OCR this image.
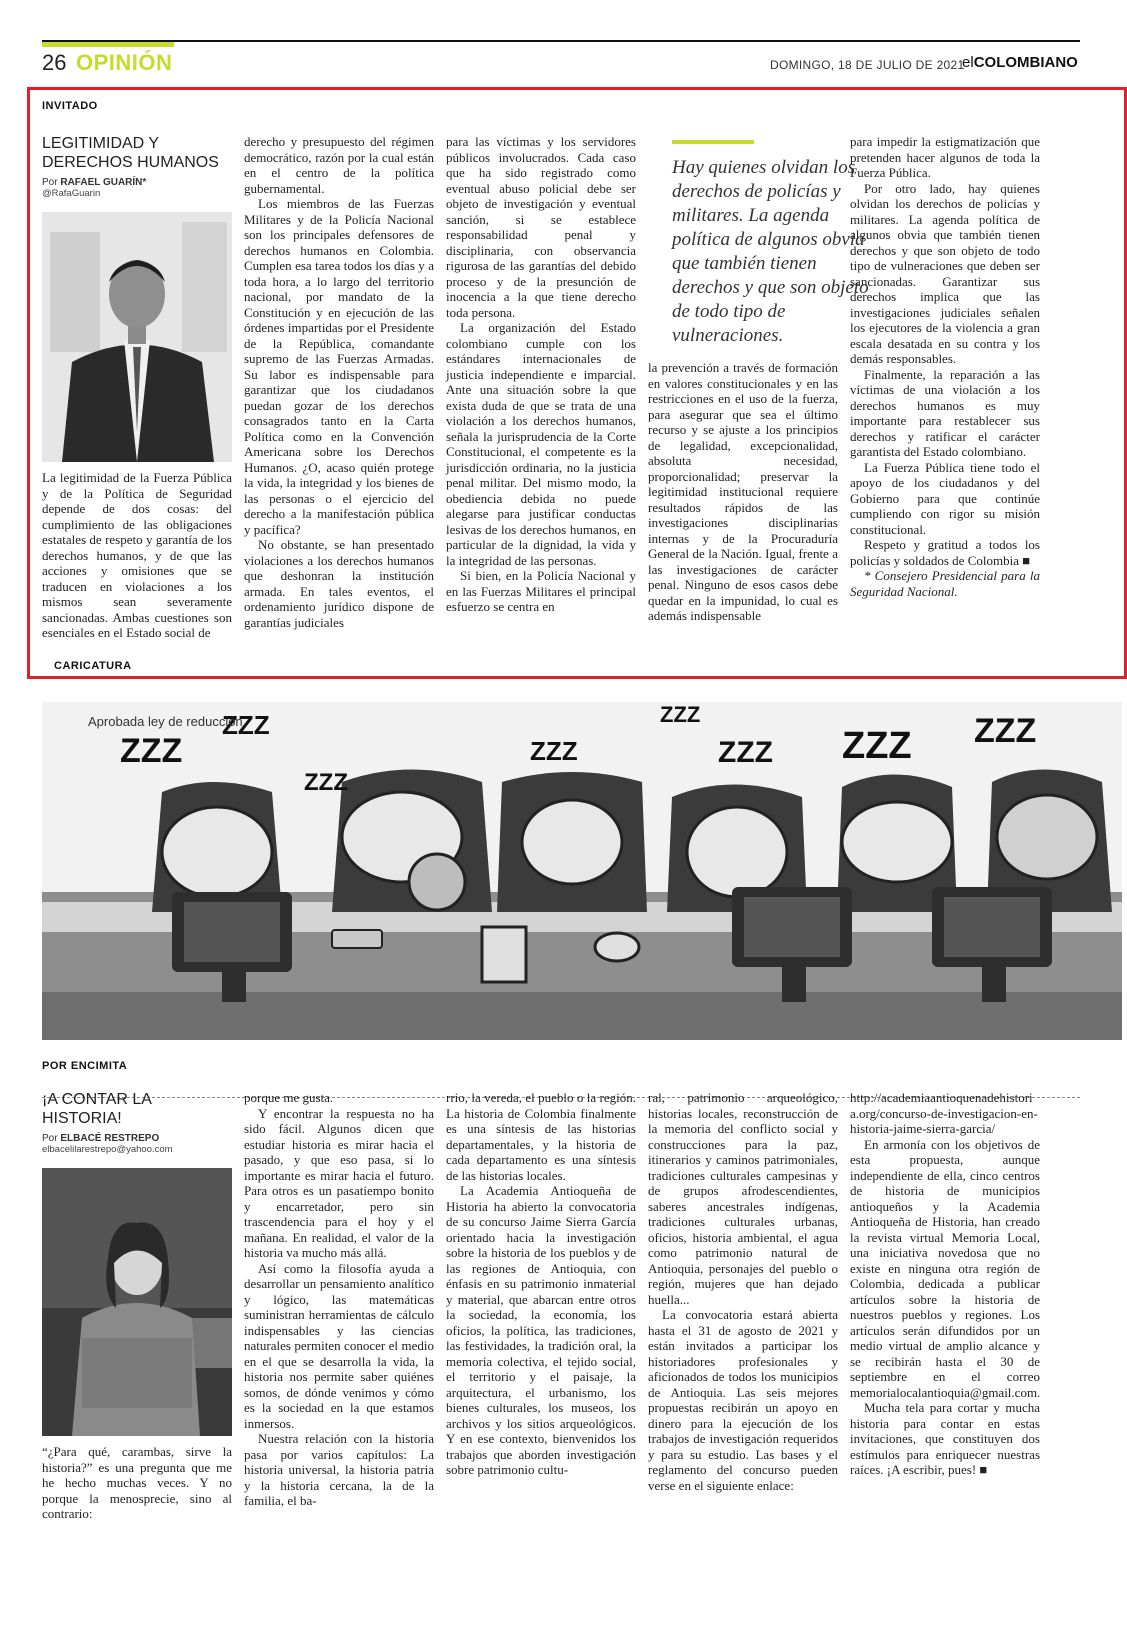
26 OPINIÓN	DOMINGO, 18 DE JULIO DE 2021
elCOLOMBIANO
INVITADO
LEGITIMIDAD Y
DERECHOS HUMANOS
Por RAFAEL GUARÍN*
@RafaGuarin

La legitimidad de la Fuerza Pública y de la Política de Seguridad depende de dos cosas: del cumplimiento de las obligaciones estatales de respeto y garantía de los derechos humanos, y de que las acciones y omisiones que se traducen en violaciones a los mismos sean severamente sancionadas. Ambas cuestiones son esenciales en el Estado social de

derecho y presupuesto del régimen democrático, razón por la cual están en el centro de la política gubernamental.

Los miembros de las Fuerzas Militares y de la Policía Nacional son los principales defensores de derechos humanos en Colombia. Cumplen esa tarea todos los días y a toda hora, a lo largo del territorio nacional, por mandato de la Constitución y en ejecución de las órdenes impartidas por el Presidente de la República, comandante supremo de las Fuerzas Armadas. Su labor es indispensable para garantizar que los ciudadanos puedan gozar de los derechos consagrados tanto en la Carta Política como en la Convención Americana sobre los Derechos Humanos. ¿O, acaso quién protege la vida, la integridad y los bienes de las personas o el ejercicio del derecho a la manifestación pública y pacífica?

No obstante, se han presentado violaciones a los derechos humanos que deshonran la institución armada. En tales eventos, el ordenamiento jurídico dispone de garantías judiciales

para las víctimas y los servidores públicos involucrados. Cada caso que ha sido registrado como eventual abuso policial debe ser objeto de investigación y eventual sanción, si se establece responsabilidad penal y disciplinaria, con observancia rigurosa de las garantías del debido proceso y de la presunción de inocencia a la que tiene derecho toda persona.

La organización del Estado colombiano cumple con los estándares internacionales de justicia independiente e imparcial. Ante una situación sobre la que exista duda de que se trata de una violación a los derechos humanos, señala la jurisprudencia de la Corte Constitucional, el competente es la jurisdicción ordinaria, no la justicia penal militar. Del mismo modo, la obediencia debida no puede alegarse para justificar conductas lesivas de los derechos humanos, en particular de la dignidad, la vida y la integridad de las personas.

Si bien, en la Policía Nacional y en las Fuerzas Militares el principal esfuerzo se centra en

Hay quienes olvidan los derechos de policías y militares. La agenda política de algunos obvia que también tienen derechos y que son objeto de todo tipo de vulneraciones.

la prevención a través de formación en valores constitucionales y en las restricciones en el uso de la fuerza, para asegurar que sea el último recurso y se ajuste a los principios de legalidad, excepcionalidad, absoluta necesidad, proporcionalidad; preservar la legitimidad institucional requiere resultados rápidos de las investigaciones disciplinarias internas y de la Procuraduría General de la Nación. Igual, frente a las investigaciones de carácter penal. Ninguno de esos casos debe quedar en la impunidad, lo cual es además indispensable

para impedir la estigmatización que pretenden hacer algunos de toda la Fuerza Pública.

Por otro lado, hay quienes olvidan los derechos de policías y militares. La agenda política de algunos obvia que también tienen derechos y que son objeto de todo tipo de vulneraciones que deben ser sancionadas. Garantizar sus derechos implica que las investigaciones judiciales señalen los ejecutores de la violencia a gran escala desatada en su contra y los demás responsables.

Finalmente, la reparación a las víctimas de una violación a los derechos humanos es muy importante para restablecer sus derechos y ratificar el carácter garantista del Estado colombiano.

La Fuerza Pública tiene todo el apoyo de los ciudadanos y del Gobierno para que continúe cumpliendo con rigor su misión constitucional.

Respeto y gratitud a todos los policías y soldados de Colombia ■

* Consejero Presidencial para la Seguridad Nacional.

CARICATURA
ZZZ
ZZZ
ZZZ
ZZZ
ZZZ
ZZZ ZZZ ZZZ
Aprobada ley de reducción
POR ENCIMITA
¡A CONTAR LA
HISTORIA!
Por ELBACÉ RESTREPO
elbacelilarestrepo@yahoo.com

“¿Para qué, carambas, sirve la historia?” es una pregunta que me he hecho muchas veces. Y no porque la menosprecie, sino al contrario:

porque me gusta.

Y encontrar la respuesta no ha sido fácil. Algunos dicen que estudiar historia es mirar hacia el pasado, y que eso pasa, si lo importante es mirar hacia el futuro. Para otros es un pasatiempo bonito y encarretador, pero sin trascendencia para el hoy y el mañana. En realidad, el valor de la historia va mucho más allá.

Así como la filosofía ayuda a desarrollar un pensamiento analítico y lógico, las matemáticas suministran herramientas de cálculo indispensables y las ciencias naturales permiten conocer el medio en el que se desarrolla la vida, la historia nos permite saber quiénes somos, de dónde venimos y cómo es la sociedad en la que estamos inmersos.

Nuestra relación con la historia pasa por varios capítulos: La historia universal, la historia patria y la historia cercana, la de la familia, el ba-

rrio, la vereda, el pueblo o la región. La historia de Colombia finalmente es una síntesis de las historias departamentales, y la historia de cada departamento es una síntesis de las historias locales.

La Academia Antioqueña de Historia ha abierto la convocatoria de su concurso Jaime Sierra García orientado hacia la investigación sobre la historia de los pueblos y de las regiones de Antioquia, con énfasis en su patrimonio inmaterial y material, que abarcan entre otros la sociedad, la economía, los oficios, la política, las tradiciones, las festividades, la tradición oral, la memoria colectiva, el tejido social, el territorio y el paisaje, la arquitectura, el urbanismo, los bienes culturales, los museos, los archivos y los sitios arqueológicos. Y en ese contexto, bienvenidos los trabajos que aborden investigación sobre patrimonio cultu-

ral, patrimonio arqueológico, historias locales, reconstrucción de la memoria del conflicto social y construcciones para la paz, itinerarios y caminos patrimoniales, tradiciones culturales campesinas y de grupos afrodescendientes, saberes ancestrales indígenas, tradiciones culturales urbanas, oficios, historia ambiental, el agua como patrimonio natural de Antioquia, personajes del pueblo o región, mujeres que han dejado huella...

La convocatoria estará abierta hasta el 31 de agosto de 2021 y están invitados a participar los historiadores profesionales y aficionados de todos los municipios de Antioquia. Las seis mejores propuestas recibirán un apoyo en dinero para la ejecución de los trabajos de investigación requeridos y para su estudio. Las bases y el reglamento del concurso pueden verse en el siguiente enlace:

http://academiaantioquenadehistoria.org/concurso-de-investigacion-en-historia-jaime-sierra-garcia/

En armonía con los objetivos de esta propuesta, aunque independiente de ella, cinco centros de historia de municipios antioqueños y la Academia Antioqueña de Historia, han creado la revista virtual Memoria Local, una iniciativa novedosa que no existe en ninguna otra región de Colombia, dedicada a publicar artículos sobre la historia de nuestros pueblos y regiones. Los artículos serán difundidos por un medio virtual de amplio alcance y se recibirán hasta el 30 de septiembre en el correo memorialocalantioquia@gmail.com.

Mucha tela para cortar y mucha historia para contar en estas invitaciones, que constituyen dos estímulos para enriquecer nuestras raíces. ¡A escribir, pues! ■
